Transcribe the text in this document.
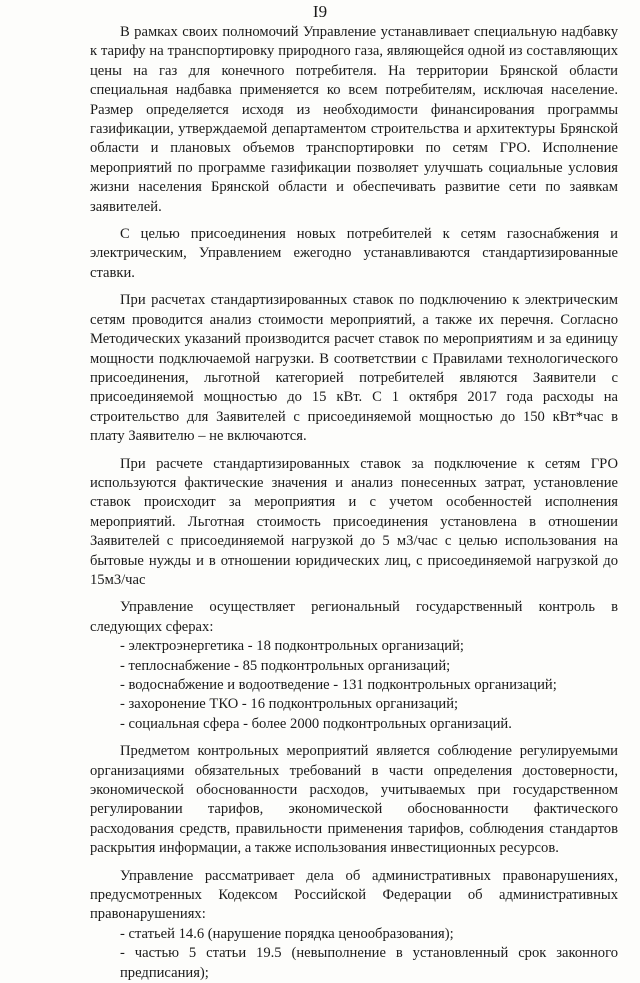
I9

В рамках своих полномочий Управление устанавливает специальную надбавку к тарифу на транспортировку природного газа, являющейся одной из составляющих цены на газ для конечного потребителя. На территории Брянской области специальная надбавка применяется ко всем потребителям, исключая население. Размер определяется исходя из необходимости финансирования программы газификации, утверждаемой департаментом строительства и архитектуры Брянской области и плановых объемов транспортировки по сетям ГРО. Исполнение мероприятий по программе газификации позволяет улучшать социальные условия жизни населения Брянской области и обеспечивать развитие сети по заявкам заявителей.

С целью присоединения новых потребителей к сетям газоснабжения и электрическим, Управлением ежегодно устанавливаются стандартизированные ставки.

При расчетах стандартизированных ставок по подключению к электрическим сетям проводится анализ стоимости мероприятий, а также их перечня. Согласно Методических указаний производится расчет ставок по мероприятиям и за единицу мощности подключаемой нагрузки. В соответствии с Правилами технологического присоединения, льготной категорией потребителей являются Заявители с присоединяемой мощностью до 15 кВт. С 1 октября 2017 года расходы на строительство для Заявителей с присоединяемой мощностью до 150 кВт*час в плату Заявителю – не включаются.

При расчете стандартизированных ставок за подключение к сетям ГРО используются фактические значения и анализ понесенных затрат, установление ставок происходит за мероприятия и с учетом особенностей исполнения мероприятий. Льготная стоимость присоединения установлена в отношении Заявителей с присоединяемой нагрузкой до 5 м3/час с целью использования на бытовые нужды и в отношении юридических лиц, с присоединяемой нагрузкой до 15м3/час

Управление осуществляет региональный государственный контроль в следующих сферах:

- электроэнергетика - 18 подконтрольных организаций;
- теплоснабжение - 85 подконтрольных организаций;
- водоснабжение и водоотведение - 131 подконтрольных организаций;
- захоронение ТКО - 16 подконтрольных организаций;
- социальная сфера - более 2000 подконтрольных организаций.

Предметом контрольных мероприятий является соблюдение регулируемыми организациями обязательных требований в части определения достоверности, экономической обоснованности расходов, учитываемых при государственном регулировании тарифов, экономической обоснованности фактического расходования средств, правильности применения тарифов, соблюдения стандартов раскрытия информации, а также использования инвестиционных ресурсов.

Управление рассматривает дела об административных правонарушениях, предусмотренных Кодексом Российской Федерации об административных правонарушениях:

- статьей 14.6 (нарушение порядка ценообразования);
- частью 5 статьи 19.5 (невыполнение в установленный срок законного предписания);
